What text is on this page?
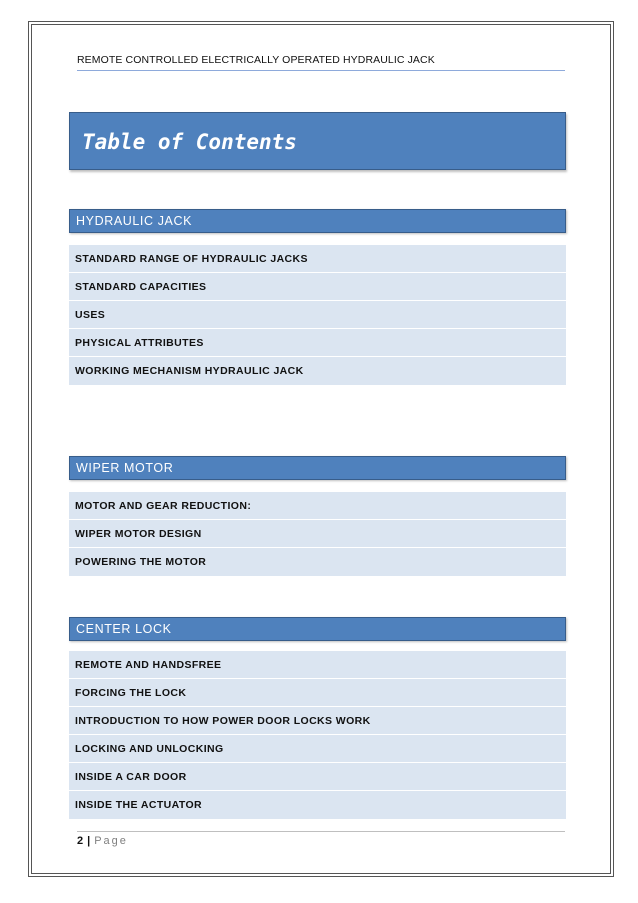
REMOTE CONTROLLED ELECTRICALLY OPERATED HYDRAULIC JACK
Table of Contents
HYDRAULIC JACK
STANDARD RANGE OF HYDRAULIC JACKS
STANDARD CAPACITIES
USES
PHYSICAL ATTRIBUTES
WORKING MECHANISM HYDRAULIC JACK
WIPER MOTOR
MOTOR AND GEAR REDUCTION:
WIPER MOTOR DESIGN
POWERING THE MOTOR
CENTER LOCK
REMOTE AND HANDSFREE
FORCING THE LOCK
INTRODUCTION TO HOW POWER DOOR LOCKS WORK
LOCKING AND UNLOCKING
INSIDE A CAR DOOR
INSIDE THE ACTUATOR
2 | Page
